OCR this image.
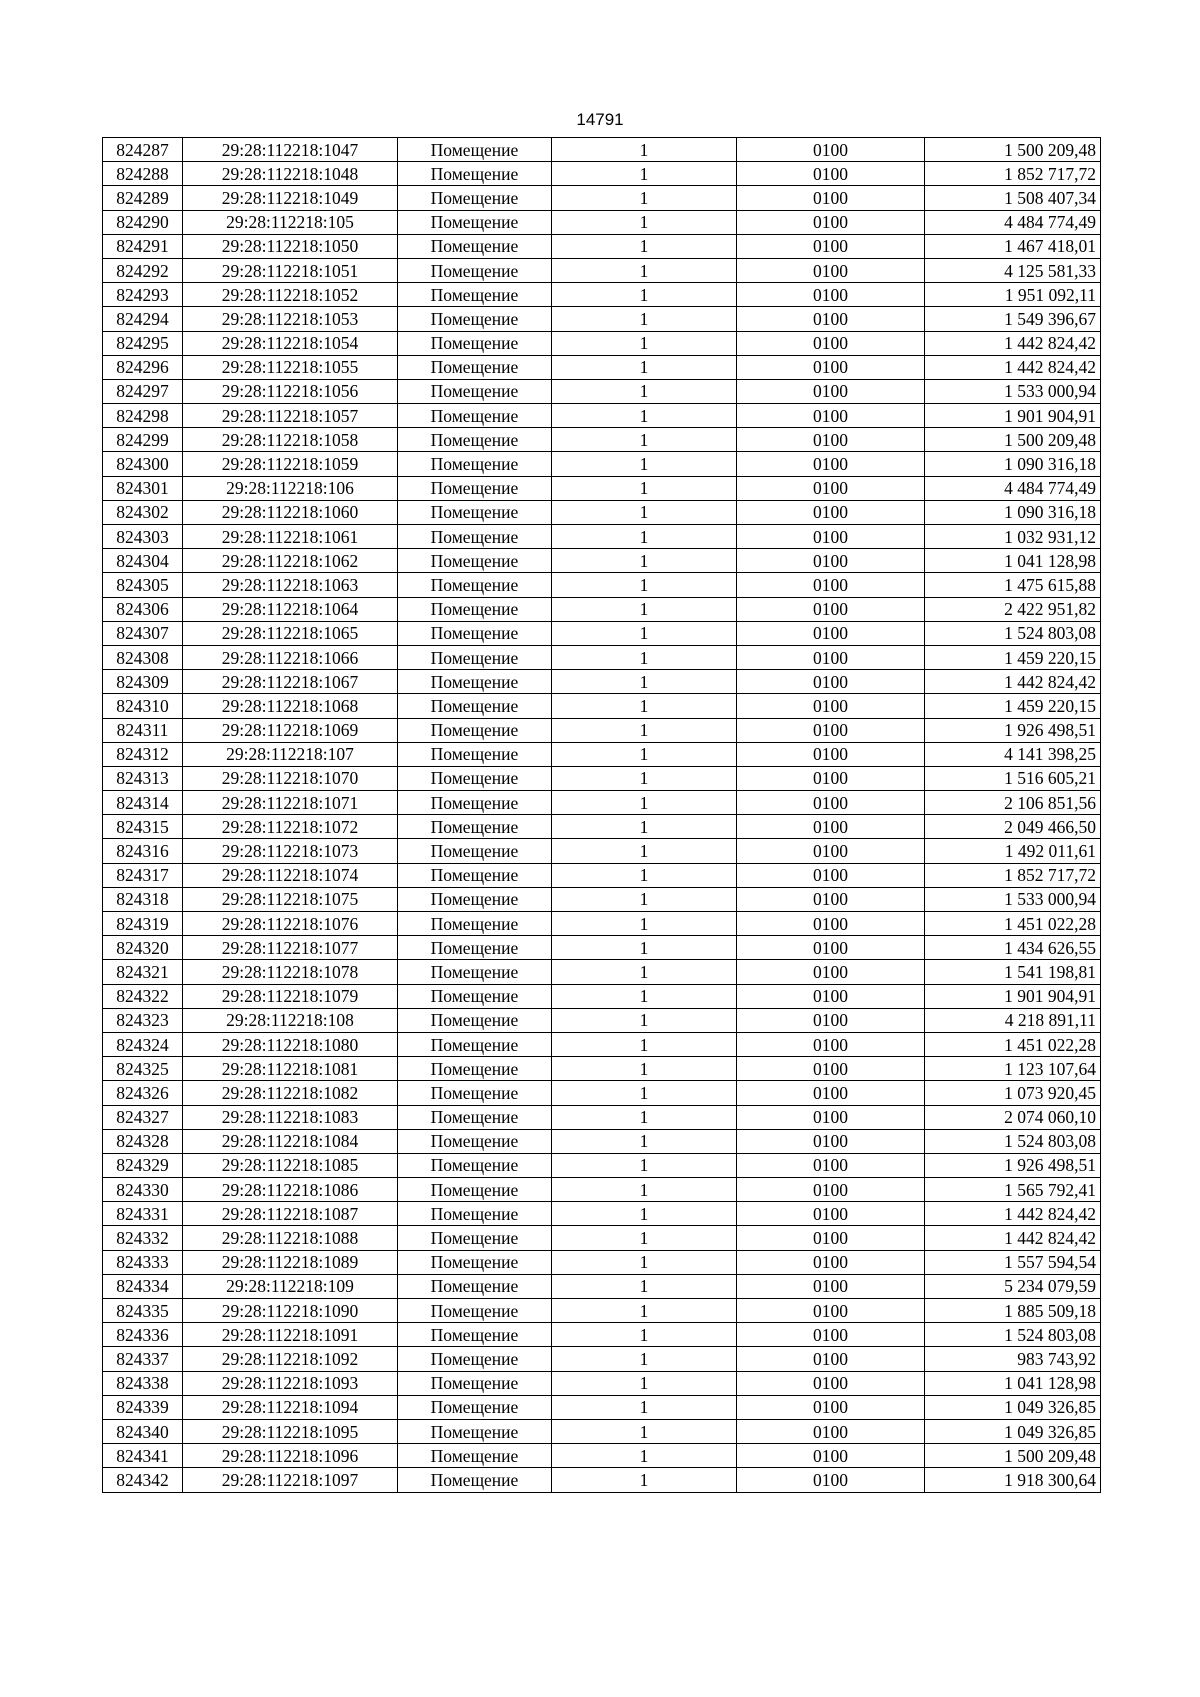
14791
824287	29:28:112218:1047	Помещение	1	0100	1 500 209,48
824288	29:28:112218:1048	Помещение	1	0100	1 852 717,72
824289	29:28:112218:1049	Помещение	1	0100	1 508 407,34
824290	29:28:112218:105	Помещение	1	0100	4 484 774,49
824291	29:28:112218:1050	Помещение	1	0100	1 467 418,01
824292	29:28:112218:1051	Помещение	1	0100	4 125 581,33
824293	29:28:112218:1052	Помещение	1	0100	1 951 092,11
824294	29:28:112218:1053	Помещение	1	0100	1 549 396,67
824295	29:28:112218:1054	Помещение	1	0100	1 442 824,42
824296	29:28:112218:1055	Помещение	1	0100	1 442 824,42
824297	29:28:112218:1056	Помещение	1	0100	1 533 000,94
824298	29:28:112218:1057	Помещение	1	0100	1 901 904,91
824299	29:28:112218:1058	Помещение	1	0100	1 500 209,48
824300	29:28:112218:1059	Помещение	1	0100	1 090 316,18
824301	29:28:112218:106	Помещение	1	0100	4 484 774,49
824302	29:28:112218:1060	Помещение	1	0100	1 090 316,18
824303	29:28:112218:1061	Помещение	1	0100	1 032 931,12
824304	29:28:112218:1062	Помещение	1	0100	1 041 128,98
824305	29:28:112218:1063	Помещение	1	0100	1 475 615,88
824306	29:28:112218:1064	Помещение	1	0100	2 422 951,82
824307	29:28:112218:1065	Помещение	1	0100	1 524 803,08
824308	29:28:112218:1066	Помещение	1	0100	1 459 220,15
824309	29:28:112218:1067	Помещение	1	0100	1 442 824,42
824310	29:28:112218:1068	Помещение	1	0100	1 459 220,15
824311	29:28:112218:1069	Помещение	1	0100	1 926 498,51
824312	29:28:112218:107	Помещение	1	0100	4 141 398,25
824313	29:28:112218:1070	Помещение	1	0100	1 516 605,21
824314	29:28:112218:1071	Помещение	1	0100	2 106 851,56
824315	29:28:112218:1072	Помещение	1	0100	2 049 466,50
824316	29:28:112218:1073	Помещение	1	0100	1 492 011,61
824317	29:28:112218:1074	Помещение	1	0100	1 852 717,72
824318	29:28:112218:1075	Помещение	1	0100	1 533 000,94
824319	29:28:112218:1076	Помещение	1	0100	1 451 022,28
824320	29:28:112218:1077	Помещение	1	0100	1 434 626,55
824321	29:28:112218:1078	Помещение	1	0100	1 541 198,81
824322	29:28:112218:1079	Помещение	1	0100	1 901 904,91
824323	29:28:112218:108	Помещение	1	0100	4 218 891,11
824324	29:28:112218:1080	Помещение	1	0100	1 451 022,28
824325	29:28:112218:1081	Помещение	1	0100	1 123 107,64
824326	29:28:112218:1082	Помещение	1	0100	1 073 920,45
824327	29:28:112218:1083	Помещение	1	0100	2 074 060,10
824328	29:28:112218:1084	Помещение	1	0100	1 524 803,08
824329	29:28:112218:1085	Помещение	1	0100	1 926 498,51
824330	29:28:112218:1086	Помещение	1	0100	1 565 792,41
824331	29:28:112218:1087	Помещение	1	0100	1 442 824,42
824332	29:28:112218:1088	Помещение	1	0100	1 442 824,42
824333	29:28:112218:1089	Помещение	1	0100	1 557 594,54
824334	29:28:112218:109	Помещение	1	0100	5 234 079,59
824335	29:28:112218:1090	Помещение	1	0100	1 885 509,18
824336	29:28:112218:1091	Помещение	1	0100	1 524 803,08
824337	29:28:112218:1092	Помещение	1	0100	983 743,92
824338	29:28:112218:1093	Помещение	1	0100	1 041 128,98
824339	29:28:112218:1094	Помещение	1	0100	1 049 326,85
824340	29:28:112218:1095	Помещение	1	0100	1 049 326,85
824341	29:28:112218:1096	Помещение	1	0100	1 500 209,48
824342	29:28:112218:1097	Помещение	1	0100	1 918 300,64
